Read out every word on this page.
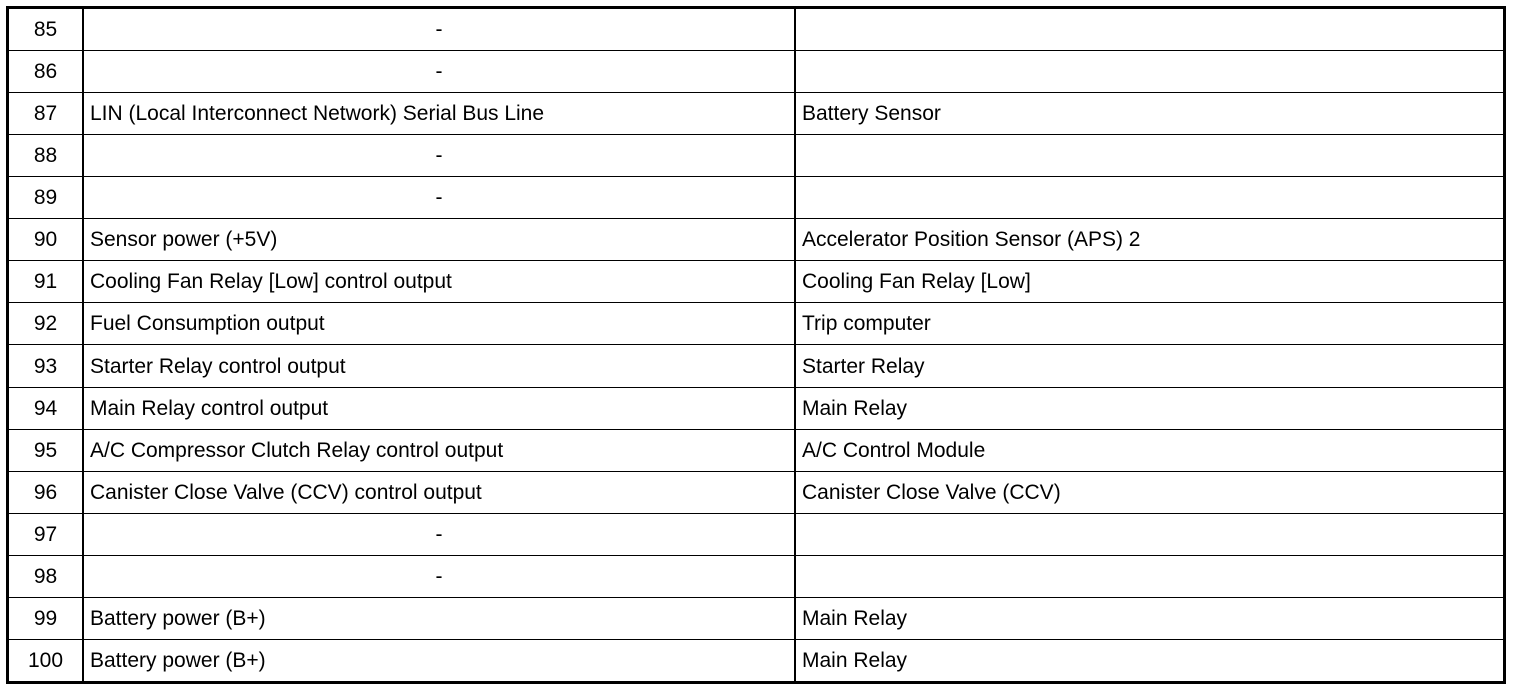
85	-	
86	-	
87	LIN (Local Interconnect Network) Serial Bus Line	Battery Sensor
88	-	
89	-	
90	Sensor power (+5V)	Accelerator Position Sensor (APS) 2
91	Cooling Fan Relay [Low] control output	Cooling Fan Relay [Low]
92	Fuel Consumption output	Trip computer
93	Starter Relay control output	Starter Relay
94	Main Relay control output	Main Relay
95	A/C Compressor Clutch Relay control output	A/C Control Module
96	Canister Close Valve (CCV) control output	Canister Close Valve (CCV)
97	-	
98	-	
99	Battery power (B+)	Main Relay
100	Battery power (B+)	Main Relay
